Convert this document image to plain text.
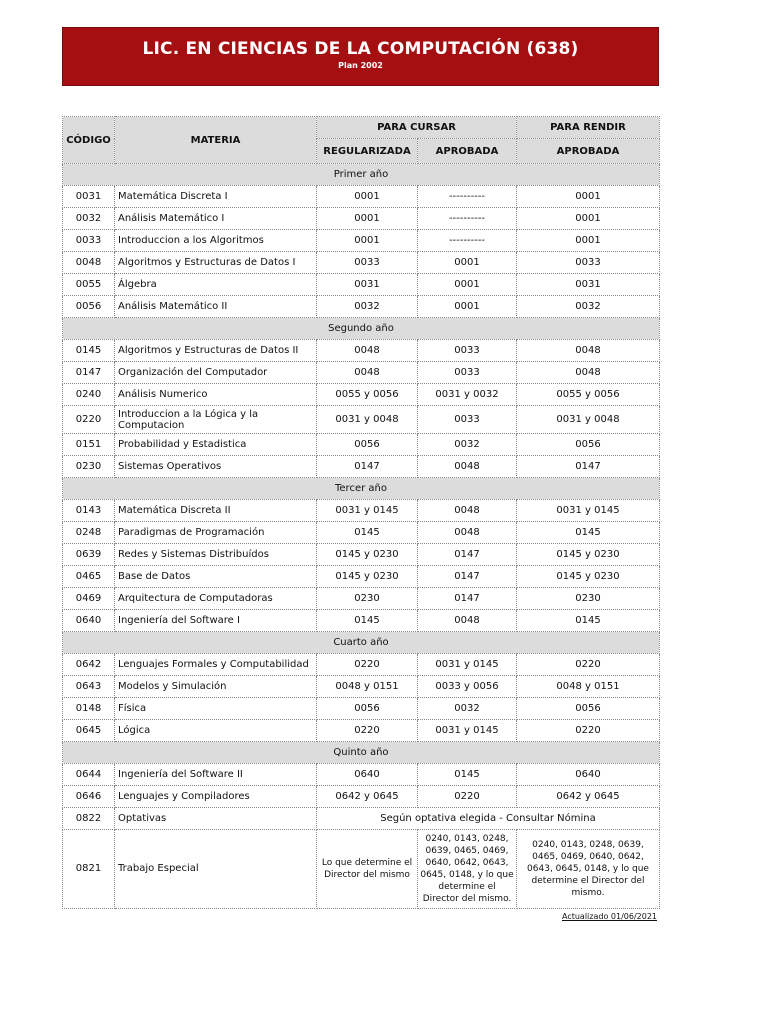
LIC. EN CIENCIAS DE LA COMPUTACIÓN (638)
Plan 2002
CÓDIGO	MATERIA	PARA CURSAR		PARA RENDIR
		REGULARIZADA	APROBADA	APROBADA
Primer año				
0031	Matemática Discreta I	0001	----------	0001
0032	Análisis Matemático I	0001	----------	0001
0033	Introduccion a los Algoritmos	0001	----------	0001
0048	Algoritmos y Estructuras de Datos I	0033	0001	0033
0055	Álgebra	0031	0001	0031
0056	Análisis Matemático II	0032	0001	0032
Segundo año				
0145	Algoritmos y Estructuras de Datos II	0048	0033	0048
0147	Organización del Computador	0048	0033	0048
0240	Análisis Numerico	0055 y 0056	0031 y 0032	0055 y 0056
0220	Introduccion a la Lógica y la Computacion	0031 y 0048	0033	0031 y 0048
0151	Probabilidad y Estadistica	0056	0032	0056
0230	Sistemas Operativos	0147	0048	0147
Tercer año				
0143	Matemática Discreta II	0031 y 0145	0048	0031 y 0145
0248	Paradigmas de Programación	0145	0048	0145
0639	Redes y Sistemas Distribuídos	0145 y 0230	0147	0145 y 0230
0465	Base de Datos	0145 y 0230	0147	0145 y 0230
0469	Arquitectura de Computadoras	0230	0147	0230
0640	Ingeniería del Software I	0145	0048	0145
Cuarto año				
0642	Lenguajes Formales y Computabilidad	0220	0031 y 0145	0220
0643	Modelos y Simulación	0048 y 0151	0033 y 0056	0048 y 0151
0148	Física	0056	0032	0056
0645	Lógica	0220	0031 y 0145	0220
Quinto año				
0644	Ingeniería del Software II	0640	0145	0640
0646	Lenguajes y Compiladores	0642 y 0645	0220	0642 y 0645
0822	Optativas	Según optativa elegida - Consultar Nómina		
0821	Trabajo Especial	Lo que determine el Director del mismo	0240, 0143, 0248, 0639, 0465, 0469, 0640, 0642, 0643, 0645, 0148, y lo que determine el Director del mismo.	0240, 0143, 0248, 0639, 0465, 0469, 0640, 0642, 0643, 0645, 0148, y lo que determine el Director del mismo.
Actualizado 01/06/2021
